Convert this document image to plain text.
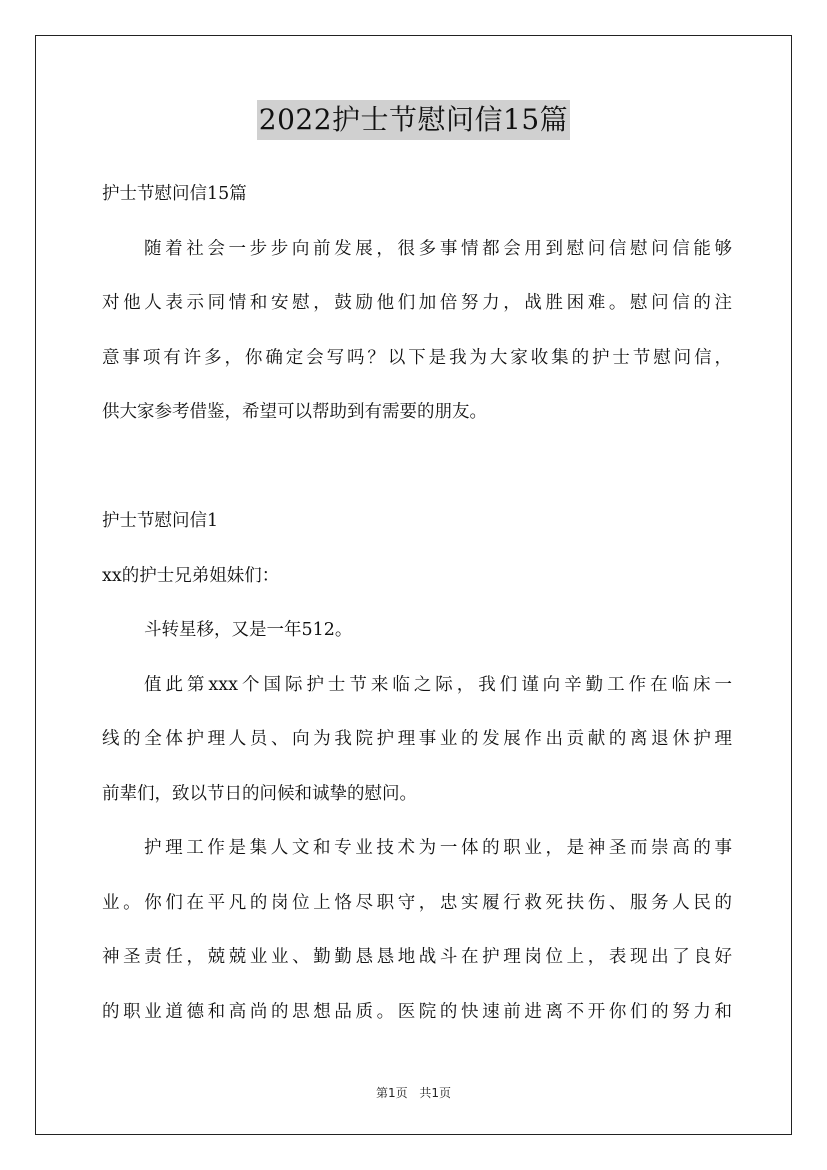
2022护士节慰问信15篇
护士节慰问信15篇
随着社会一步步向前发展，很多事情都会用到慰问信慰问信能够
对他人表示同情和安慰，鼓励他们加倍努力，战胜困难。慰问信的注
意事项有许多，你确定会写吗？以下是我为大家收集的护士节慰问信，
供大家参考借鉴，希望可以帮助到有需要的朋友。
护士节慰问信1
xx的护士兄弟姐妹们：
斗转星移，又是一年512。
值此第xxx个国际护士节来临之际，我们谨向辛勤工作在临床一
线的全体护理人员、向为我院护理事业的发展作出贡献的离退休护理
前辈们，致以节日的问候和诚挚的慰问。
护理工作是集人文和专业技术为一体的职业，是神圣而崇高的事
业。你们在平凡的岗位上恪尽职守，忠实履行救死扶伤、服务人民的
神圣责任，兢兢业业、勤勤恳恳地战斗在护理岗位上，表现出了良好
的职业道德和高尚的思想品质。医院的快速前进离不开你们的努力和
第1页 共1页
